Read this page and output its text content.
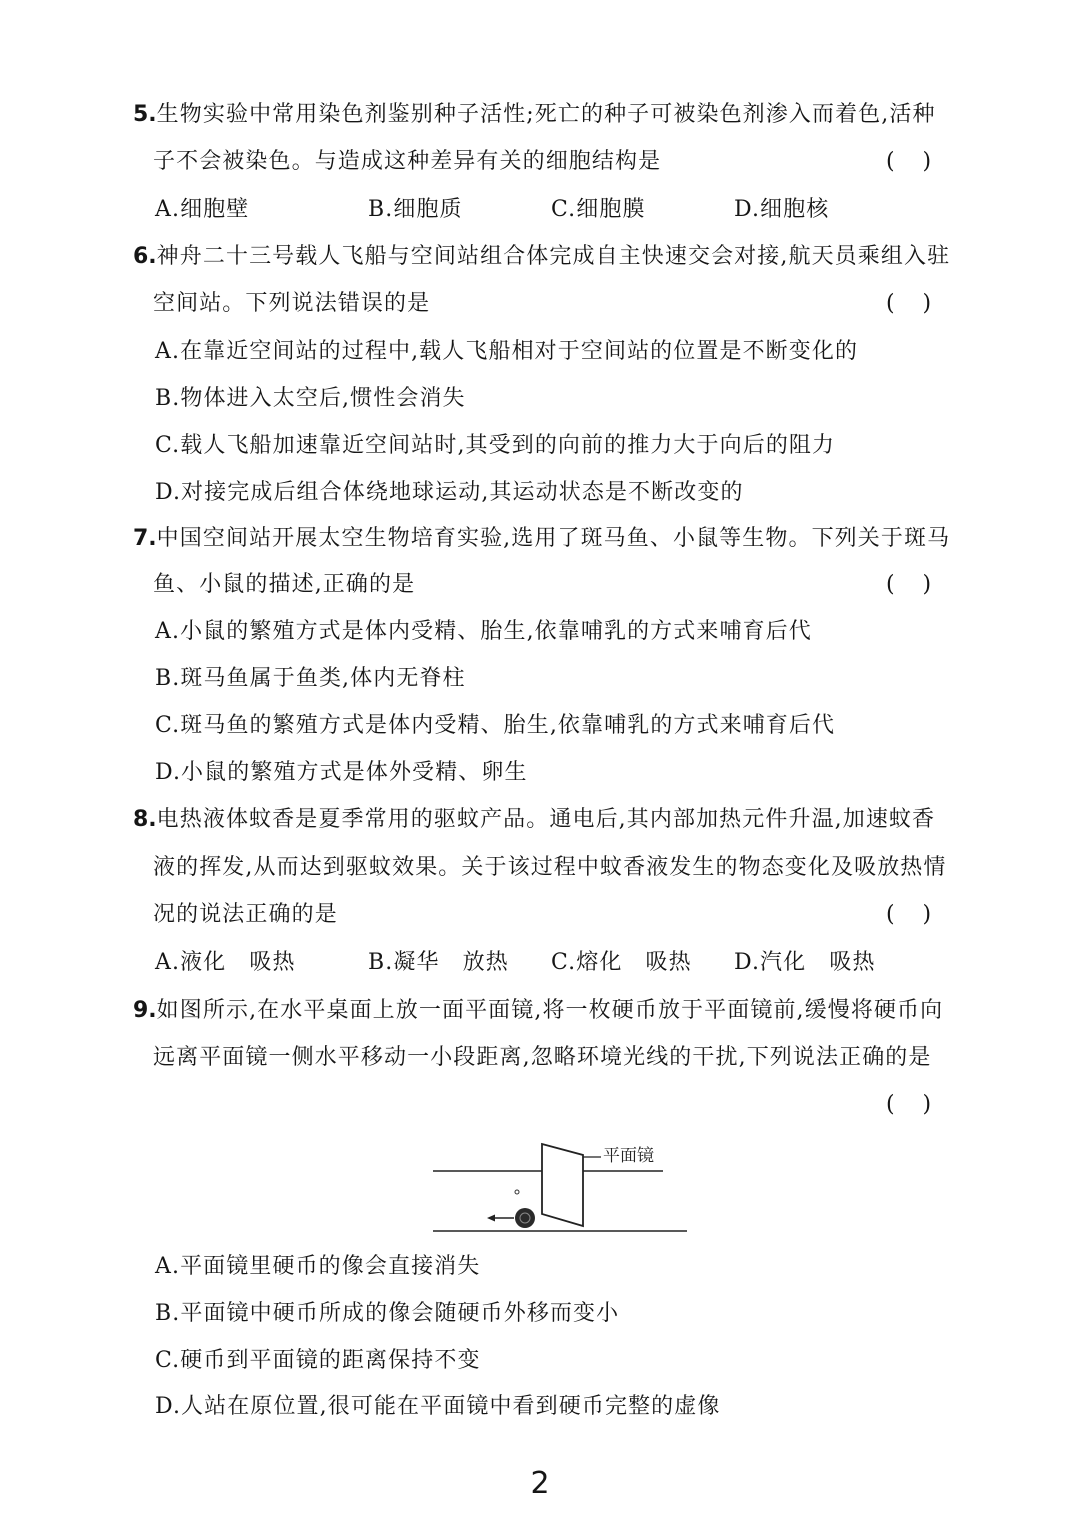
5.生物实验中常用染色剂鉴别种子活性;死亡的种子可被染色剂渗入而着色,活种
子不会被染色。与造成这种差异有关的细胞结构是	(    )
A.细胞壁	B.细胞质	C.细胞膜	D.细胞核
6.神舟二十三号载人飞船与空间站组合体完成自主快速交会对接,航天员乘组入驻
空间站。下列说法错误的是	(    )
A.在靠近空间站的过程中,载人飞船相对于空间站的位置是不断变化的
B.物体进入太空后,惯性会消失
C.载人飞船加速靠近空间站时,其受到的向前的推力大于向后的阻力
D.对接完成后组合体绕地球运动,其运动状态是不断改变的
7.中国空间站开展太空生物培育实验,选用了斑马鱼、小鼠等生物。下列关于斑马
鱼、小鼠的描述,正确的是	(    )
A.小鼠的繁殖方式是体内受精、胎生,依靠哺乳的方式来哺育后代
B.斑马鱼属于鱼类,体内无脊柱
C.斑马鱼的繁殖方式是体内受精、胎生,依靠哺乳的方式来哺育后代
D.小鼠的繁殖方式是体外受精、卵生
8.电热液体蚊香是夏季常用的驱蚊产品。通电后,其内部加热元件升温,加速蚊香
液的挥发,从而达到驱蚊效果。关于该过程中蚊香液发生的物态变化及吸放热情
况的说法正确的是	(    )
A.液化　吸热	B.凝华　放热 C.熔化　吸热 D.汽化　吸热
9.如图所示,在水平桌面上放一面平面镜,将一枚硬币放于平面镜前,缓慢将硬币向
远离平面镜一侧水平移动一小段距离,忽略环境光线的干扰,下列说法正确的是
(    )
平面镜
A.平面镜里硬币的像会直接消失
B.平面镜中硬币所成的像会随硬币外移而变小
C.硬币到平面镜的距离保持不变
D.人站在原位置,很可能在平面镜中看到硬币完整的虚像
2
